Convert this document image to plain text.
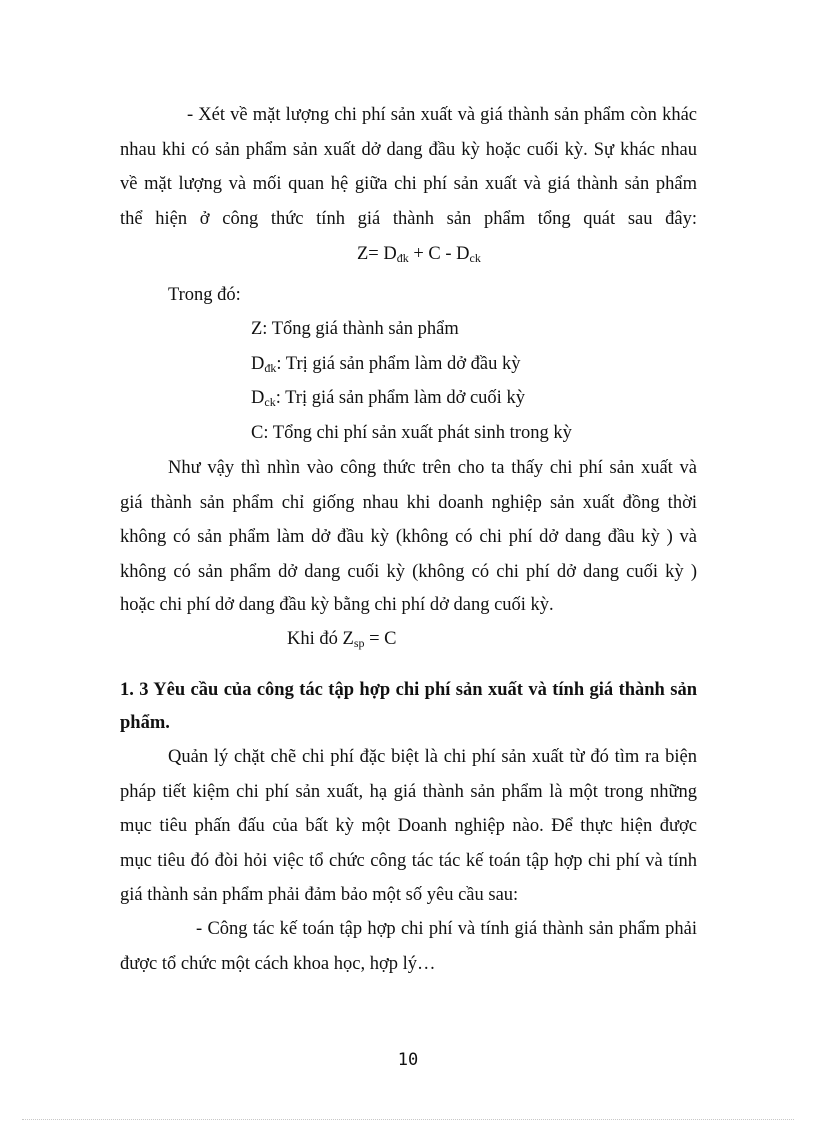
- Xét về mặt lượng chi phí sản xuất và giá thành sản phẩm còn khác
nhau khi có sản phẩm sản xuất dở dang đầu kỳ hoặc cuối kỳ. Sự khác nhau
về mặt lượng và mối quan hệ giữa chi phí sản xuất và giá thành sản phẩm
thể hiện ở công thức tính giá thành sản phẩm tổng quát sau đây:
$Z= D_{đk} + C - D_{ck}$
Trong đó:
Z: Tổng giá thành sản phẩm
$D_{đk}$: Trị giá sản phẩm làm dở đầu kỳ
$D_{ck}$: Trị giá sản phẩm làm dở cuối kỳ
C: Tổng chi phí sản xuất phát sinh trong kỳ
Như vậy thì nhìn vào công thức trên cho ta thấy chi phí sản xuất và
giá thành sản phẩm chỉ giống nhau khi doanh nghiệp sản xuất đồng thời
không có sản phẩm làm dở đầu kỳ (không có chi phí dở dang đầu kỳ ) và
không có sản phẩm dở dang cuối kỳ (không có chi phí dở dang cuối kỳ )
hoặc chi phí dở dang đầu kỳ bằng chi phí dở dang cuối kỳ.
Khi đó $Z_{sp} = C$
1. 3 Yêu cầu của công tác tập hợp chi phí sản xuất và tính giá thành sản
phẩm.
Quản lý chặt chẽ chi phí đặc biệt là chi phí sản xuất từ đó tìm ra biện
pháp tiết kiệm chi phí sản xuất, hạ giá thành sản phẩm là một trong những
mục tiêu phấn đấu của bất kỳ một Doanh nghiệp nào. Để thực hiện được
mục tiêu đó đòi hỏi việc tổ chức công tác tác kế toán tập hợp chi phí và tính
giá thành sản phẩm phải đảm bảo một số yêu cầu sau:
- Công tác kế toán tập hợp chi phí và tính giá thành sản phẩm phải
được tổ chức một cách khoa học, hợp lý…
10
